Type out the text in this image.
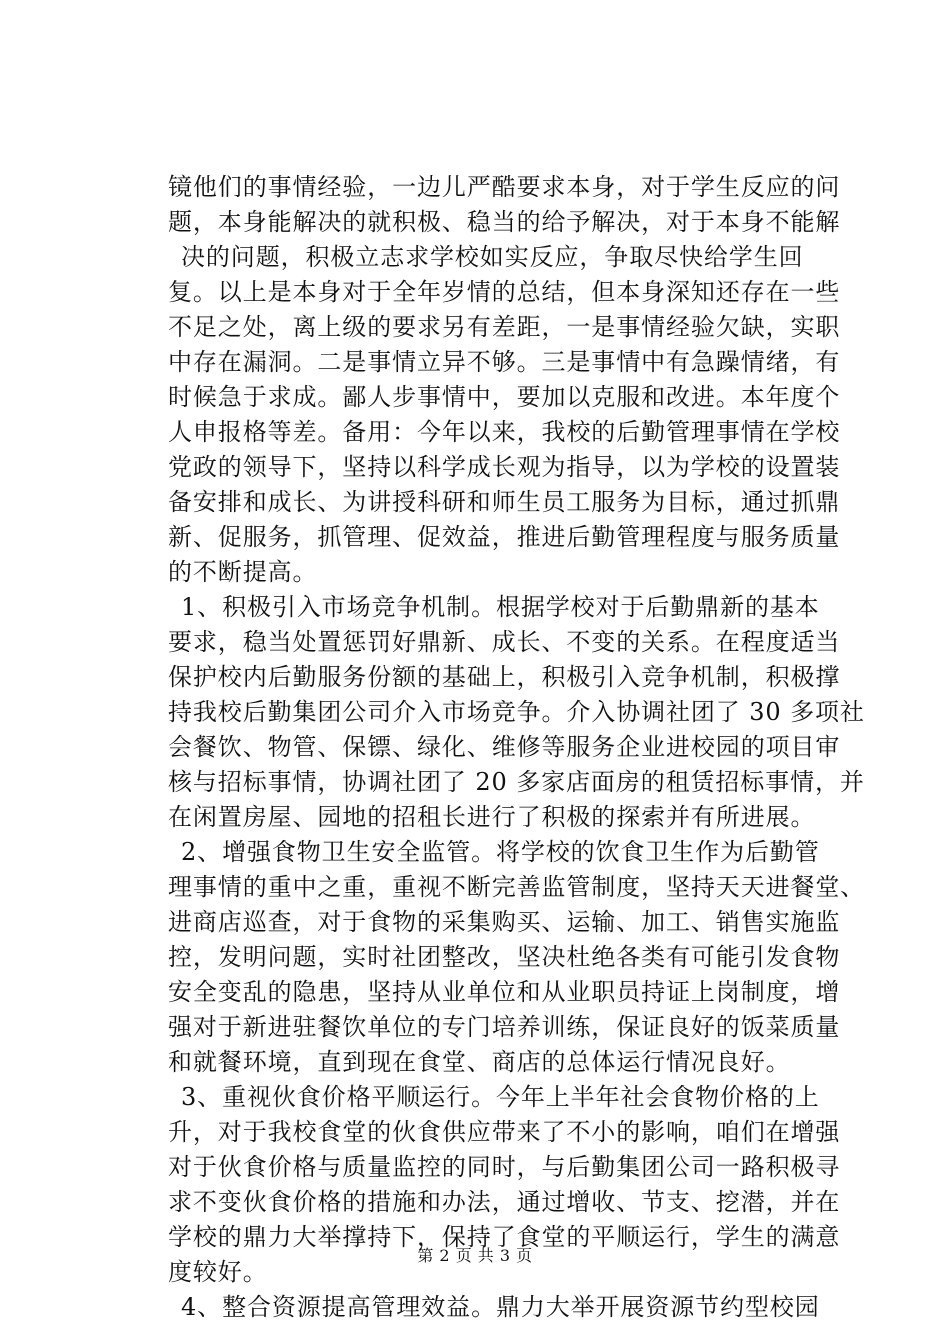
镜他们的事情经验，一边儿严酷要求本身，对于学生反应的问
题，本身能解决的就积极、稳当的给予解决，对于本身不能解
决的问题，积极立志求学校如实反应，争取尽快给学生回
复。以上是本身对于全年岁情的总结，但本身深知还存在一些
不足之处，离上级的要求另有差距，一是事情经验欠缺，实职
中存在漏洞。二是事情立异不够。三是事情中有急躁情绪，有
时候急于求成。鄙人步事情中，要加以克服和改进。本年度个
人申报格等差。备用：今年以来，我校的后勤管理事情在学校
党政的领导下，坚持以科学成长观为指导，以为学校的设置装
备安排和成长、为讲授科研和师生员工服务为目标，通过抓鼎
新、促服务，抓管理、促效益，推进后勤管理程度与服务质量
的不断提高。
1、积极引入市场竞争机制。根据学校对于后勤鼎新的基本
要求，稳当处置惩罚好鼎新、成长、不变的关系。在程度适当
保护校内后勤服务份额的基础上，积极引入竞争机制，积极撑
持我校后勤集团公司介入市场竞争。介入协调社团了 30 多项社
会餐饮、物管、保镖、绿化、维修等服务企业进校园的项目审
核与招标事情，协调社团了 20 多家店面房的租赁招标事情，并
在闲置房屋、园地的招租长进行了积极的探索并有所进展。
2、增强食物卫生安全监管。将学校的饮食卫生作为后勤管
理事情的重中之重，重视不断完善监管制度，坚持天天进餐堂、
进商店巡查，对于食物的采集购买、运输、加工、销售实施监
控，发明问题，实时社团整改，坚决杜绝各类有可能引发食物
安全变乱的隐患，坚持从业单位和从业职员持证上岗制度，增
强对于新进驻餐饮单位的专门培养训练，保证良好的饭菜质量
和就餐环境，直到现在食堂、商店的总体运行情况良好。
3、重视伙食价格平顺运行。今年上半年社会食物价格的上
升，对于我校食堂的伙食供应带来了不小的影响，咱们在增强
对于伙食价格与质量监控的同时，与后勤集团公司一路积极寻
求不变伙食价格的措施和办法，通过增收、节支、挖潜，并在
学校的鼎力大举撑持下，保持了食堂的平顺运行，学生的满意
度较好。
4、整合资源提高管理效益。鼎力大举开展资源节约型校园
第 2 页 共 3 页
